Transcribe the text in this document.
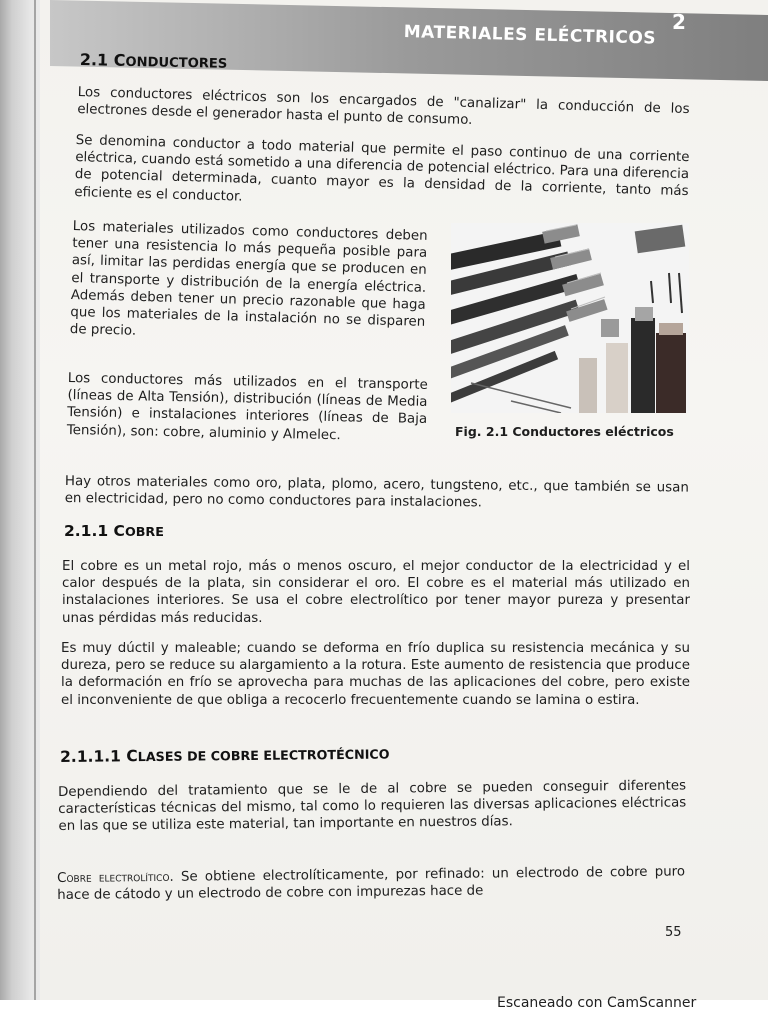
2
MATERIALES ELÉCTRICOS
2.1 CONDUCTORES
Los conductores eléctricos son los encargados de "canalizar" la conducción de los electrones desde el generador hasta el punto de consumo.
Se denomina conductor a todo material que permite el paso continuo de una corriente eléctrica, cuando está sometido a una diferencia de potencial eléctrico. Para una diferencia de potencial determinada, cuanto mayor es la densidad de la corriente, tanto más eficiente es el conductor.
Los materiales utilizados como conductores deben tener una resistencia lo más pequeña posible para así, limitar las perdidas energía que se producen en el transporte y distribución de la energía eléctrica. Además deben tener un precio razonable que haga que los materiales de la instalación no se disparen de precio.
Los conductores más utilizados en el transporte (líneas de Alta Tensión), distribución (líneas de Media Tensión) e instalaciones interiores (líneas de Baja Tensión), son: cobre, aluminio y Almelec.
Hay otros materiales como oro, plata, plomo, acero, tungsteno, etc., que también se usan en electricidad, pero no como conductores para instalaciones.
Fig. 2.1 Conductores eléctricos
2.1.1 COBRE
El cobre es un metal rojo, más o menos oscuro, el mejor conductor de la electricidad y el calor después de la plata, sin considerar el oro. El cobre es el material más utilizado en instalaciones interiores. Se usa el cobre electrolítico por tener mayor pureza y presentar unas pérdidas más reducidas.
Es muy dúctil y maleable; cuando se deforma en frío duplica su resistencia mecánica y su dureza, pero se reduce su alargamiento a la rotura. Este aumento de resistencia que produce la deformación en frío se aprovecha para muchas de las aplicaciones del cobre, pero existe el inconveniente de que obliga a recocerlo frecuentemente cuando se lamina o estira.
2.1.1.1 CLASES DE COBRE ELECTROTÉCNICO
Dependiendo del tratamiento que se le de al cobre se pueden conseguir diferentes características técnicas del mismo, tal como lo requieren las diversas aplicaciones eléctricas en las que se utiliza este material, tan importante en nuestros días.
Cobre electrolítico. Se obtiene electrolíticamente, por refinado: un electrodo de cobre puro hace de cátodo y un electrodo de cobre con impurezas hace de
55
Escaneado con CamScanner
